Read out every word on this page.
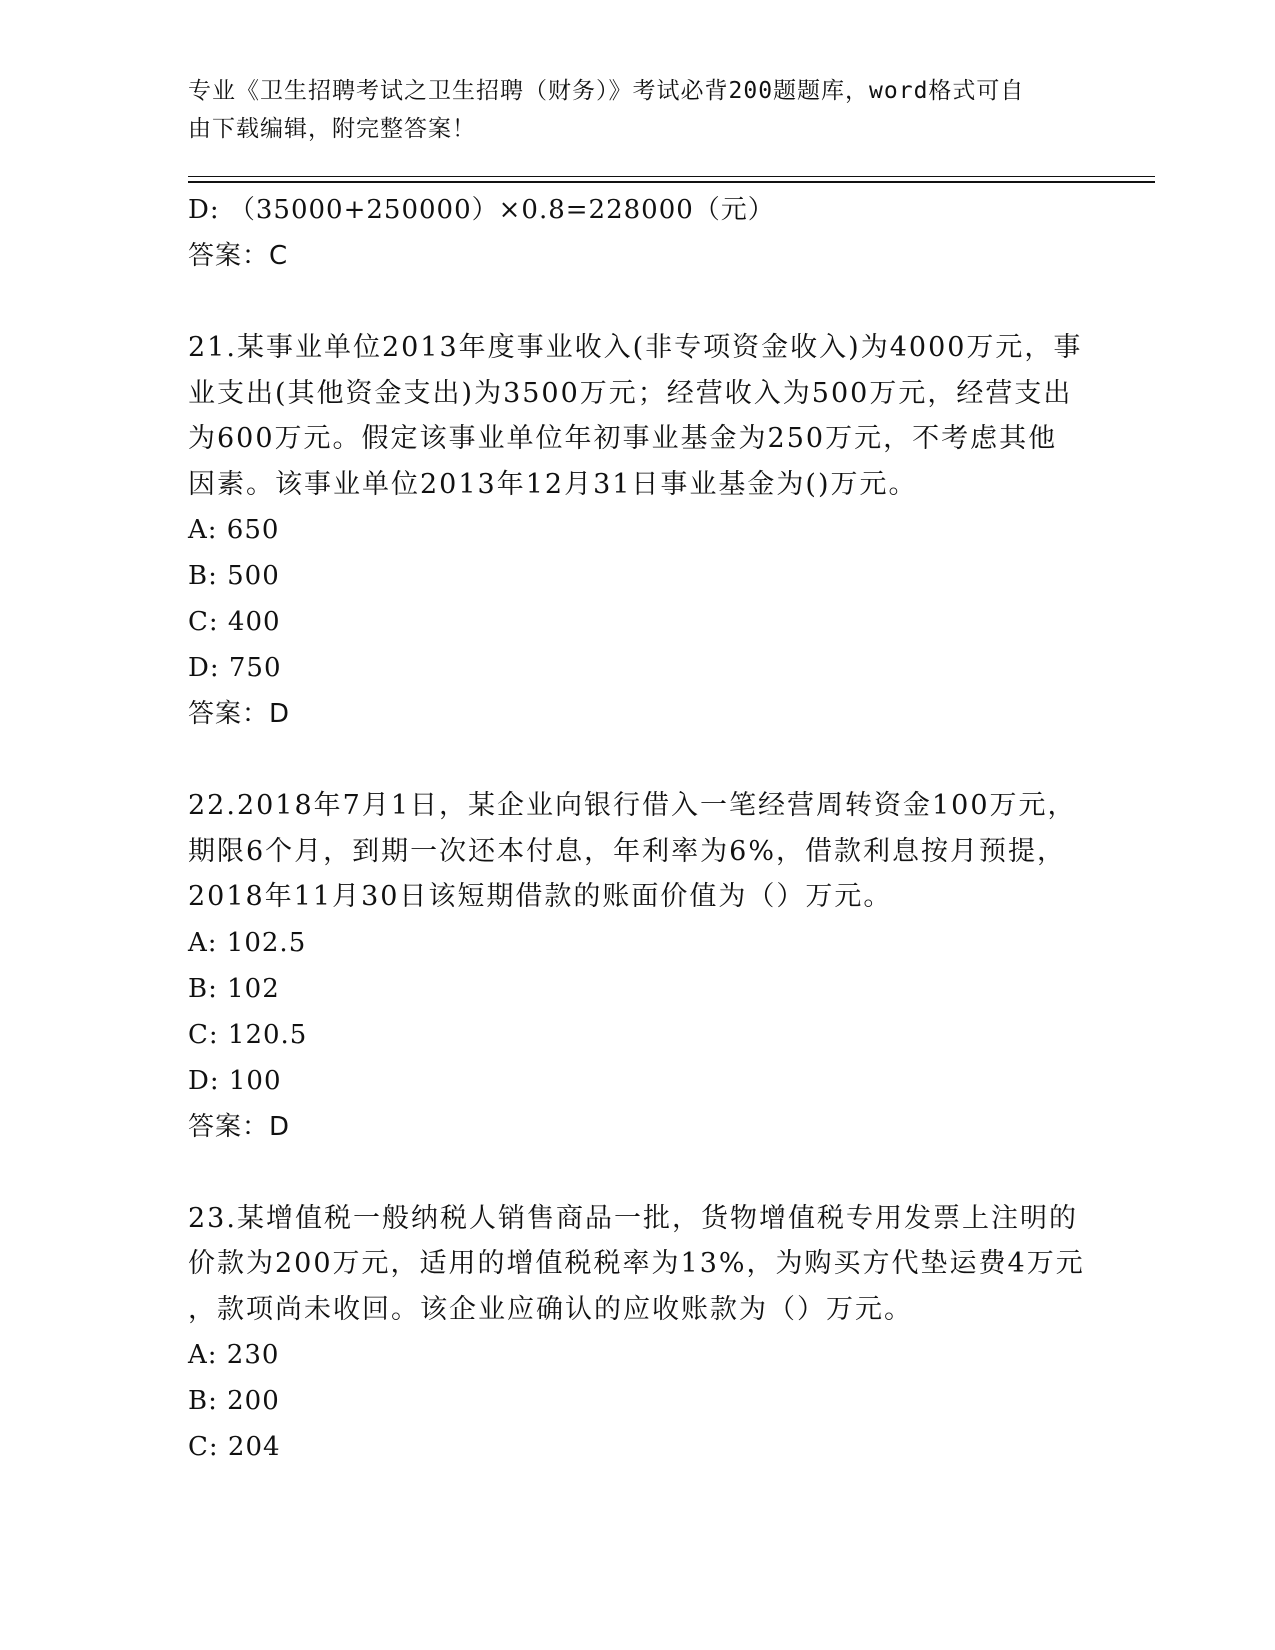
专业《卫生招聘考试之卫生招聘（财务）》考试必背200题题库，word格式可自
由下载编辑，附完整答案！
D: （35000+250000）×0.8=228000（元）
答案：C
21.某事业单位2013年度事业收入(非专项资金收入)为4000万元，事
业支出(其他资金支出)为3500万元；经营收入为500万元，经营支出
为600万元。假定该事业单位年初事业基金为250万元，不考虑其他
因素。该事业单位2013年12月31日事业基金为()万元。
A: 650
B: 500
C: 400
D: 750
答案：D
22.2018年7月1日，某企业向银行借入一笔经营周转资金100万元，
期限6个月，到期一次还本付息，年利率为6%，借款利息按月预提，
2018年11月30日该短期借款的账面价值为（）万元。
A: 102.5
B: 102
C: 120.5
D: 100
答案：D
23.某增值税一般纳税人销售商品一批，货物增值税专用发票上注明的
价款为200万元，适用的增值税税率为13%，为购买方代垫运费4万元
，款项尚未收回。该企业应确认的应收账款为（）万元。
A: 230
B: 200
C: 204
